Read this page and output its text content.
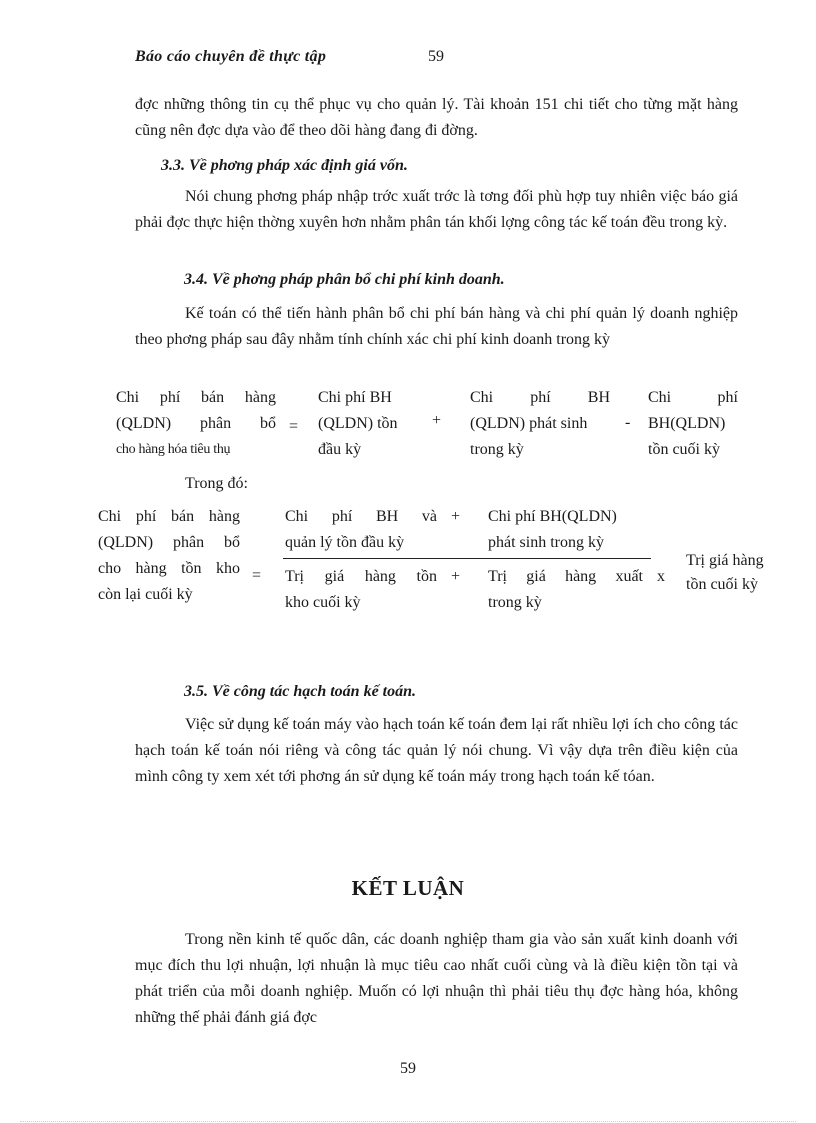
Báo cáo chuyên đề thực tập	59

đợc những thông tin cụ thể phục vụ cho quản lý. Tài khoản 151 chi tiết cho từng mặt hàng cũng nên đợc dựa vào để theo dõi hàng đang đi đờng.

3.3. Về phơng pháp xác định giá vốn.

Nói chung phơng pháp nhập trớc xuất trớc là tơng đối phù hợp tuy nhiên việc báo giá phải đợc thực hiện thờng xuyên hơn nhằm phân tán khối lợng công tác kế toán đều trong kỳ.

3.4. Về phơng pháp phân bổ chi phí kinh doanh.

Kế toán có thể tiến hành phân bổ chi phí bán hàng và chi phí quản lý doanh nghiệp theo phơng pháp sau đây nhằm tính chính xác chi phí kinh doanh trong kỳ

Chi phí bán hàng
(QLDN) phân bổ
cho hàng hóa tiêu thụ
=
Chi phí BH
(QLDN) tồn
đầu kỳ
+
Chi phí BH
(QLDN) phát sinh
trong kỳ
-
Chi phí
BH(QLDN)
tồn cuối kỳ
Trong đó:
Chi phí bán hàng
(QLDN) phân bổ
cho hàng tồn kho
còn lại cuối kỳ
=
Chi phí BH và
quản lý tồn đầu kỳ
+ Chi phí BH(QLDN)
phát sinh trong kỳ
Trị giá hàng tồn
kho cuối kỳ
+ Trị giá hàng xuất
trong kỳ
x
Trị giá hàng
tồn cuối kỳ

3.5. Về công tác hạch toán kế toán.

Việc sử dụng kế toán máy vào hạch toán kế toán đem lại rất nhiều lợi ích cho công tác hạch toán kế toán nói riêng và công tác quản lý nói chung. Vì vậy dựa trên điều kiện của mình công ty xem xét tới phơng án sử dụng kế toán máy trong hạch toán kế tóan.

KẾT LUẬN

Trong nền kinh tế quốc dân, các doanh nghiệp tham gia vào sản xuất kinh doanh với mục đích thu lợi nhuận, lợi nhuận là mục tiêu cao nhất cuối cùng và là điều kiện tồn tại và phát triển của mỗi doanh nghiệp. Muốn có lợi nhuận thì phải tiêu thụ đợc hàng hóa, không những thế phải đánh giá đợc

59
